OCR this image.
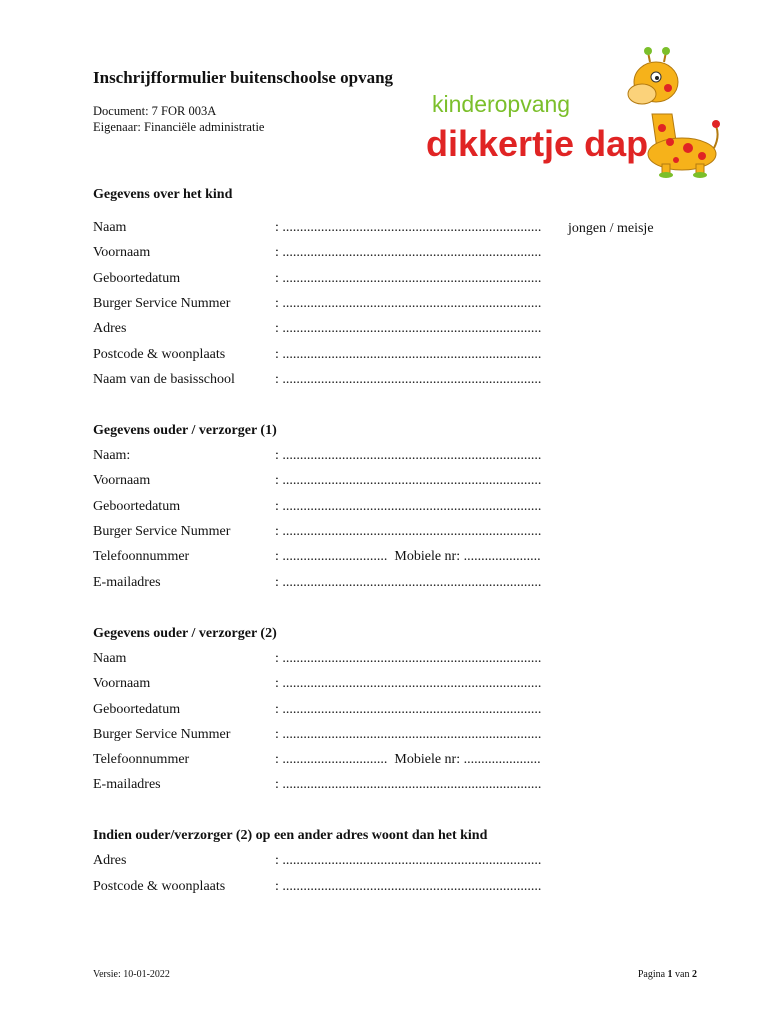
Inschrijfformulier buitenschoolse opvang
Document: 7 FOR 003A
Eigenaar: Financiële administratie
kinderopvang
dikkertje dap
Gegevens over het kind
Naam	: .......................................................................... jongen / meisje
Voornaam	: ..........................................................................
Geboortedatum	: ..........................................................................
Burger Service Nummer	: ..........................................................................
Adres	: ..........................................................................
Postcode & woonplaats	: ..........................................................................
Naam van de basisschool	: ..........................................................................
Gegevens ouder / verzorger (1)
Naam:	: ..........................................................................
Voornaam	: ..........................................................................
Geboortedatum	: ..........................................................................
Burger Service Nummer	: ..........................................................................
Telefoonnummer	: .............................. Mobiele nr: ......................
E-mailadres	: ..........................................................................
Gegevens ouder / verzorger (2)
Naam	: ..........................................................................
Voornaam	: ..........................................................................
Geboortedatum	: ..........................................................................
Burger Service Nummer	: ..........................................................................
Telefoonnummer	: .............................. Mobiele nr: ......................
E-mailadres	: ..........................................................................
Indien ouder/verzorger (2) op een ander adres woont dan het kind
Adres	: ..........................................................................
Postcode & woonplaats	: ..........................................................................
Versie: 10-01-2022	Pagina 1 van 2
